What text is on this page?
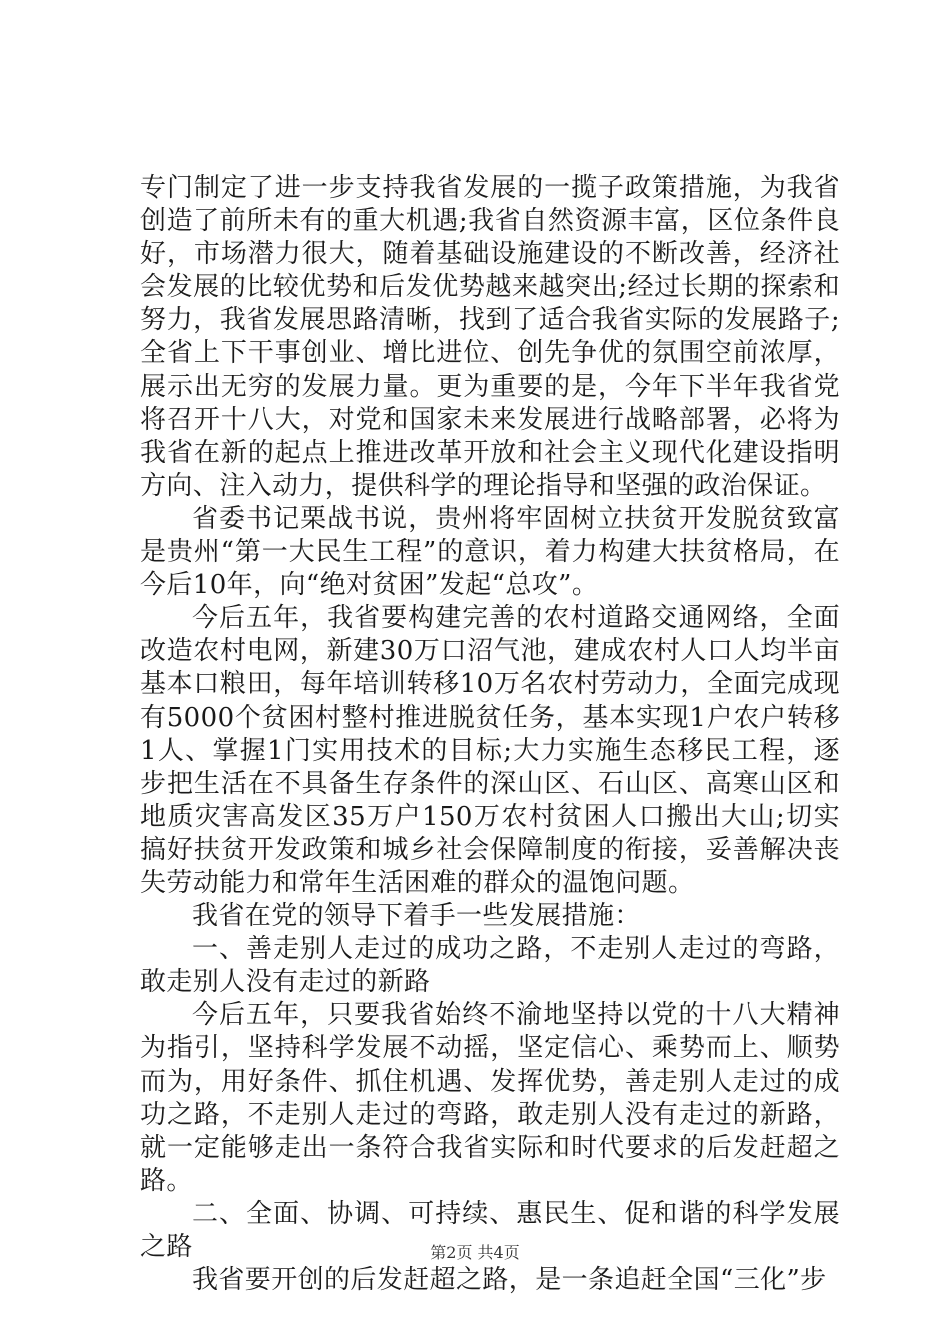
专门制定了进一步支持我省发展的一揽子政策措施，为我省创造了前所未有的重大机遇;我省自然资源丰富，区位条件良好，市场潜力很大，随着基础设施建设的不断改善，经济社会发展的比较优势和后发优势越来越突出;经过长期的探索和努力，我省发展思路清晰，找到了适合我省实际的发展路子;全省上下干事创业、增比进位、创先争优的氛围空前浓厚，展示出无穷的发展力量。更为重要的是，今年下半年我省党将召开十八大，对党和国家未来发展进行战略部署，必将为我省在新的起点上推进改革开放和社会主义现代化建设指明方向、注入动力，提供科学的理论指导和坚强的政治保证。

省委书记栗战书说，贵州将牢固树立扶贫开发脱贫致富是贵州“第一大民生工程”的意识，着力构建大扶贫格局，在今后10年，向“绝对贫困”发起“总攻”。

今后五年，我省要构建完善的农村道路交通网络，全面改造农村电网，新建30万口沼气池，建成农村人口人均半亩基本口粮田，每年培训转移10万名农村劳动力，全面完成现有5000个贫困村整村推进脱贫任务，基本实现1户农户转移1人、掌握1门实用技术的目标;大力实施生态移民工程，逐步把生活在不具备生存条件的深山区、石山区、高寒山区和地质灾害高发区35万户150万农村贫困人口搬出大山;切实搞好扶贫开发政策和城乡社会保障制度的衔接，妥善解决丧失劳动能力和常年生活困难的群众的温饱问题。

我省在党的领导下着手一些发展措施：

一、善走别人走过的成功之路，不走别人走过的弯路，敢走别人没有走过的新路

今后五年，只要我省始终不渝地坚持以党的十八大精神为指引，坚持科学发展不动摇，坚定信心、乘势而上、顺势而为，用好条件、抓住机遇、发挥优势，善走别人走过的成功之路，不走别人走过的弯路，敢走别人没有走过的新路，就一定能够走出一条符合我省实际和时代要求的后发赶超之路。

二、全面、协调、可持续、惠民生、促和谐的科学发展之路

我省要开创的后发赶超之路，是一条追赶全国“三化”步

第2页 共4页
